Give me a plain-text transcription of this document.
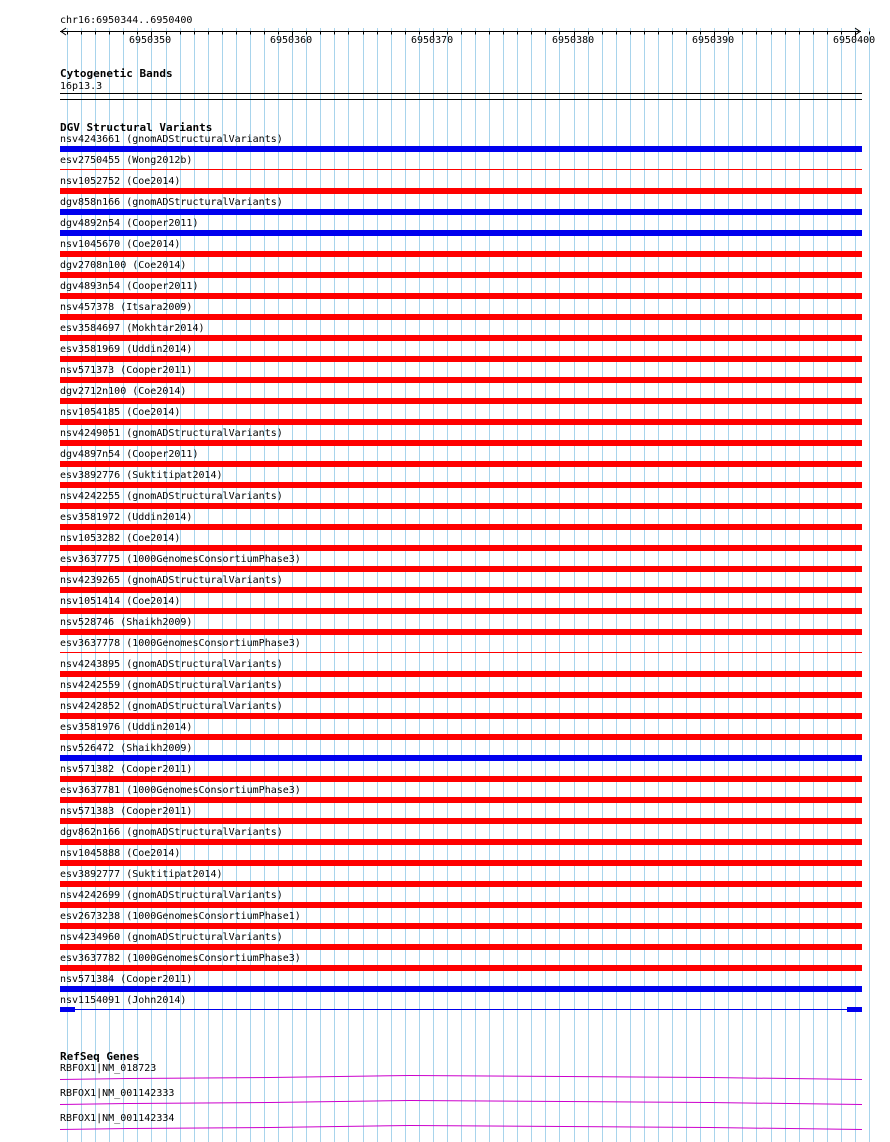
chr16:6950344..6950400
6950350	6950360	6950370	6950380	6950390	6950400
Cytogenetic Bands
16p13.3
DGV Structural Variants
nsv4243661 (gnomADStructuralVariants)
esv2750455 (Wong2012b)
nsv1052752 (Coe2014)
dgv858n166 (gnomADStructuralVariants)
dgv4892n54 (Cooper2011)
nsv1045670 (Coe2014)
dgv2708n100 (Coe2014)
dgv4893n54 (Cooper2011)
nsv457378 (Itsara2009)
esv3584697 (Mokhtar2014)
esv3581969 (Uddin2014)
nsv571373 (Cooper2011)
dgv2712n100 (Coe2014)
nsv1054185 (Coe2014)
nsv4249051 (gnomADStructuralVariants)
dgv4897n54 (Cooper2011)
esv3892776 (Suktitipat2014)
nsv4242255 (gnomADStructuralVariants)
esv3581972 (Uddin2014)
nsv1053282 (Coe2014)
esv3637775 (1000GenomesConsortiumPhase3)
nsv4239265 (gnomADStructuralVariants)
nsv1051414 (Coe2014)
nsv528746 (Shaikh2009)
esv3637778 (1000GenomesConsortiumPhase3)
nsv4243895 (gnomADStructuralVariants)
nsv4242559 (gnomADStructuralVariants)
nsv4242852 (gnomADStructuralVariants)
esv3581976 (Uddin2014)
nsv526472 (Shaikh2009)
nsv571382 (Cooper2011)
esv3637781 (1000GenomesConsortiumPhase3)
nsv571383 (Cooper2011)
dgv862n166 (gnomADStructuralVariants)
nsv1045888 (Coe2014)
esv3892777 (Suktitipat2014)
nsv4242699 (gnomADStructuralVariants)
esv2673238 (1000GenomesConsortiumPhase1)
nsv4234960 (gnomADStructuralVariants)
esv3637782 (1000GenomesConsortiumPhase3)
nsv571384 (Cooper2011)
nsv1154091 (John2014)
RefSeq Genes
RBFOX1|NM_018723
RBFOX1|NM_001142333
RBFOX1|NM_001142334
